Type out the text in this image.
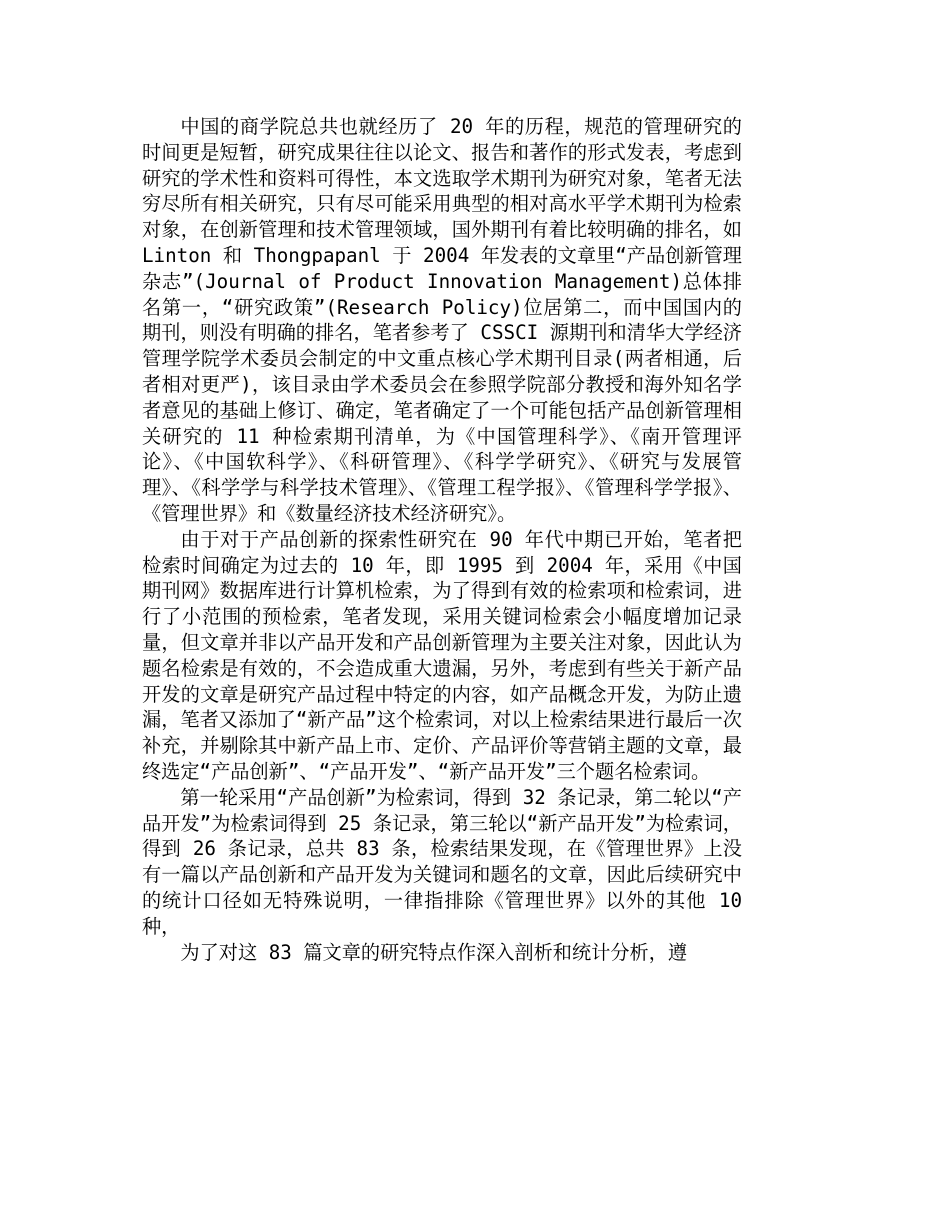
中国的商学院总共也就经历了 20 年的历程，规范的管理研究的时间更是短暂，研究成果往往以论文、报告和著作的形式发表，考虑到研究的学术性和资料可得性，本文选取学术期刊为研究对象，笔者无法穷尽所有相关研究，只有尽可能采用典型的相对高水平学术期刊为检索对象，在创新管理和技术管理领域，国外期刊有着比较明确的排名，如 Linton 和 Thongpapanl 于 2004 年发表的文章里“产品创新管理杂志”(Journal of Product Innovation Management)总体排名第一，“研究政策”(Research Policy)位居第二，而中国国内的期刊，则没有明确的排名，笔者参考了 CSSCI 源期刊和清华大学经济管理学院学术委员会制定的中文重点核心学术期刊目录(两者相通，后者相对更严)，该目录由学术委员会在参照学院部分教授和海外知名学者意见的基础上修订、确定，笔者确定了一个可能包括产品创新管理相关研究的 11 种检索期刊清单，为《中国管理科学》、《南开管理评论》、《中国软科学》、《科研管理》、《科学学研究》、《研究与发展管理》、《科学学与科学技术管理》、《管理工程学报》、《管理科学学报》、《管理世界》和《数量经济技术经济研究》。

由于对于产品创新的探索性研究在 90 年代中期已开始，笔者把检索时间确定为过去的 10 年，即 1995 到 2004 年，采用《中国期刊网》数据库进行计算机检索，为了得到有效的检索项和检索词，进行了小范围的预检索，笔者发现，采用关键词检索会小幅度增加记录量，但文章并非以产品开发和产品创新管理为主要关注对象，因此认为题名检索是有效的，不会造成重大遗漏，另外，考虑到有些关于新产品开发的文章是研究产品过程中特定的内容，如产品概念开发，为防止遗漏，笔者又添加了“新产品”这个检索词，对以上检索结果进行最后一次补充，并剔除其中新产品上市、定价、产品评价等营销主题的文章，最终选定“产品创新”、“产品开发”、“新产品开发”三个题名检索词。

第一轮采用“产品创新”为检索词，得到 32 条记录，第二轮以“产品开发”为检索词得到 25 条记录，第三轮以“新产品开发”为检索词，得到 26 条记录，总共 83 条，检索结果发现，在《管理世界》上没有一篇以产品创新和产品开发为关键词和题名的文章，因此后续研究中的统计口径如无特殊说明，一律指排除《管理世界》以外的其他 10 种，

为了对这 83 篇文章的研究特点作深入剖析和统计分析，遵
